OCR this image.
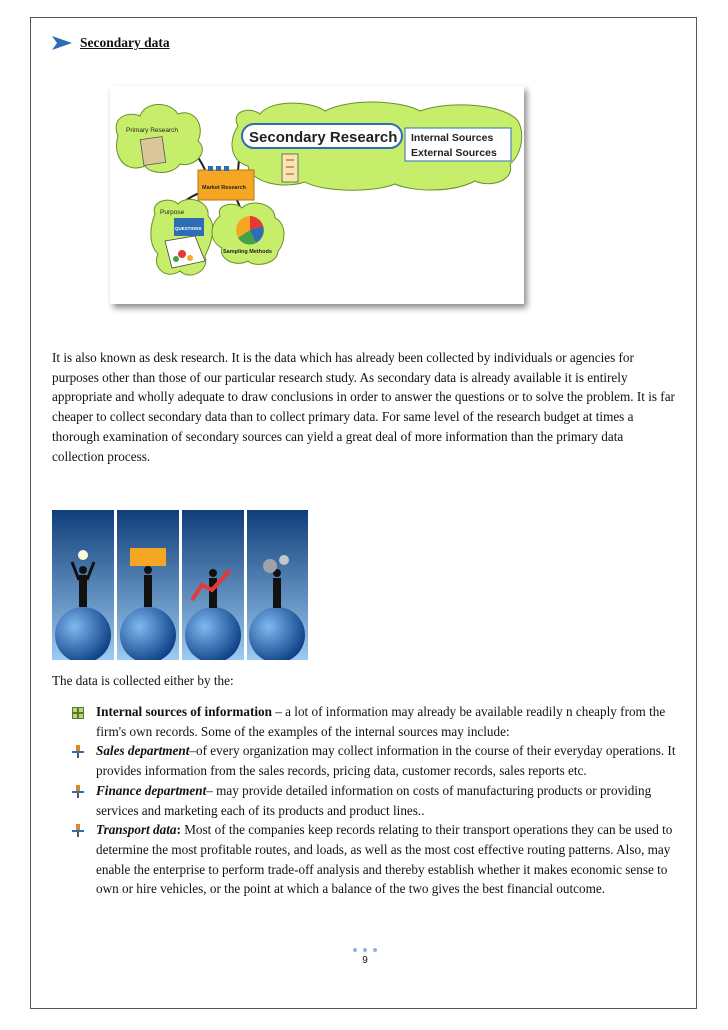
Secondary data
Primary Research	Secondary Research Internal Sources
External Sources
Market Research
Purpose
QUESTIONS
Sampling Methods

It is also known as desk research. It is the data which has already been collected by individuals or agencies for purposes other than those of our particular research study. As secondary data is already available it is entirely appropriate and wholly adequate to draw conclusions in order to answer the questions or to solve the problem. It is far cheaper to collect secondary data than to collect primary data. For same level of the research budget at times a thorough examination of secondary sources can yield a great deal of more information than the primary data collection process.

The data is collected either by the:
Internal sources of information – a lot of information may already be available readily n cheaply from the firm's own records. Some of the examples of the internal sources may include:
Sales department–of every organization may collect information in the course of their everyday operations. It provides information from the sales records, pricing data, customer records, sales reports etc.
Finance department– may provide detailed information on costs of manufacturing products or providing services and marketing each of its products and product lines..
Transport data: Most of the companies keep records relating to their transport operations they can be used to determine the most profitable routes, and loads, as well as the most cost effective routing patterns. Also, may enable the enterprise to perform trade-off analysis and thereby establish whether it makes economic sense to own or hire vehicles, or the point at which a balance of the two gives the best financial outcome.
9
